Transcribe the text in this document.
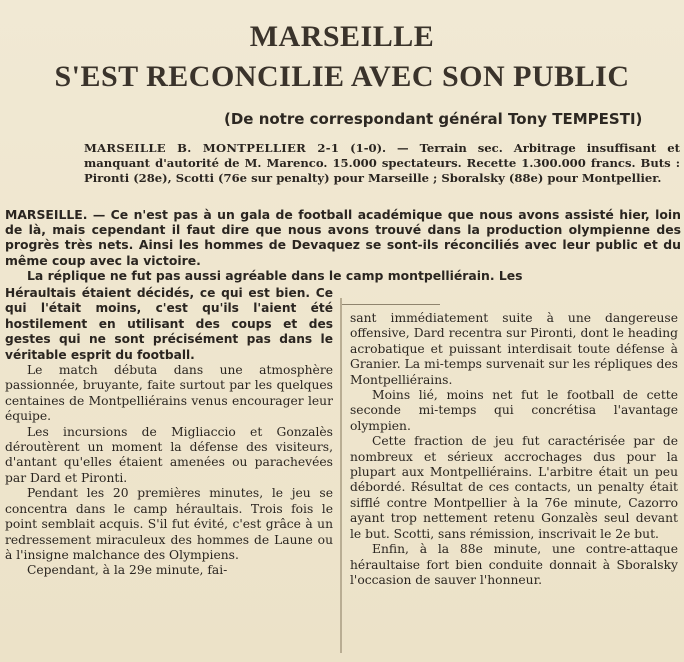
MARSEILLE
S'EST RECONCILIE AVEC SON PUBLIC

(De notre correspondant général Tony TEMPESTI)

MARSEILLE B. MONTPELLIER 2-1 (1-0). — Terrain sec. Arbitrage insuffisant et manquant d'autorité de M. Marenco. 15.000 spectateurs. Recette 1.300.000 francs. Buts : Pironti (28e), Scotti (76e sur penalty) pour Marseille ; Sboralsky (88e) pour Montpellier.

MARSEILLE. — Ce n'est pas à un gala de football académique que nous avons assisté hier, loin de là, mais cependant il faut dire que nous avons trouvé dans la production olympienne des progrès très nets. Ainsi les hommes de Devaquez se sont-ils réconciliés avec leur public et du même coup avec la victoire.
La réplique ne fut pas aussi agréable dans le camp montpelliérain. Les

Héraultais étaient décidés, ce qui est bien. Ce qui l'était moins, c'est qu'ils l'aient été hostilement en utilisant des coups et des gestes qui ne sont précisément pas dans le véritable esprit du football.

Le match débuta dans une atmosphère passionnée, bruyante, faite surtout par les quelques centaines de Montpelliérains venus encourager leur équipe.

Les incursions de Migliaccio et Gonzalès déroutèrent un moment la défense des visiteurs, d'antant qu'elles étaient amenées ou parachevées par Dard et Pironti.

Pendant les 20 premières minutes, le jeu se concentra dans le camp héraultais. Trois fois le point semblait acquis. S'il fut évité, c'est grâce à un redressement miraculeux des hommes de Laune ou à l'insigne malchance des Olympiens.

Cependant, à la 29e minute, fai-

sant immédiatement suite à une dangereuse offensive, Dard recentra sur Pironti, dont le heading acrobatique et puissant interdisait toute défense à Granier. La mi-temps survenait sur les répliques des Montpelliérains.

Moins lié, moins net fut le football de cette seconde mi-temps qui concrétisa l'avantage olympien.

Cette fraction de jeu fut caractérisée par de nombreux et sérieux accrochages dus pour la plupart aux Montpelliérains. L'arbitre était un peu débordé. Résultat de ces contacts, un penalty était sifflé contre Montpellier à la 76e minute, Cazorro ayant trop nettement retenu Gonzalès seul devant le but. Scotti, sans rémission, inscrivait le 2e but.

Enfin, à la 88e minute, une contre-attaque héraultaise fort bien conduite donnait à Sboralsky l'occasion de sauver l'honneur.
